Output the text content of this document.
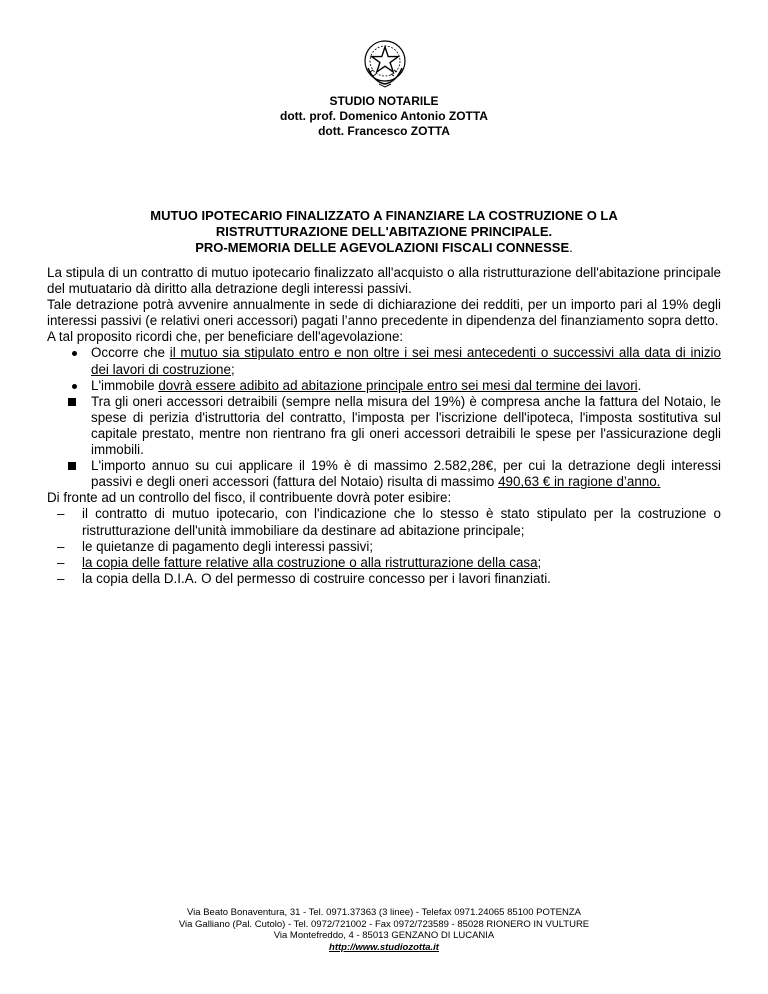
STUDIO NOTARILE
dott. prof. Domenico Antonio ZOTTA
dott. Francesco ZOTTA
MUTUO IPOTECARIO FINALIZZATO A FINANZIARE LA COSTRUZIONE O LA
RISTRUTTURAZIONE DELL'ABITAZIONE PRINCIPALE.
PRO-MEMORIA DELLE AGEVOLAZIONI FISCALI CONNESSE.

La stipula di un contratto di mutuo ipotecario finalizzato all'acquisto o alla ristrutturazione dell'abitazione principale del mutuatario dà diritto alla detrazione degli interessi passivi.

Tale detrazione potrà avvenire annualmente in sede di dichiarazione dei redditi, per un importo pari al 19% degli interessi passivi (e relativi oneri accessori) pagati l’anno precedente in dipendenza del finanziamento sopra detto.

A tal proposito ricordi che, per beneficiare dell'agevolazione:

Occorre che il mutuo sia stipulato entro e non oltre i sei mesi antecedenti o successivi alla data di inizio dei lavori di costruzione;
L'immobile dovrà essere adibito ad abitazione principale entro sei mesi dal termine dei lavori.
Tra gli oneri accessori detraibili (sempre nella misura del 19%) è compresa anche la fattura del Notaio, le spese di perizia d'istruttoria del contratto, l'imposta per l'iscrizione dell'ipoteca, l'imposta sostitutiva sul capitale prestato, mentre non rientrano fra gli oneri accessori detraibili le spese per l'assicurazione degli immobili.
L'importo annuo su cui applicare il 19% è di massimo 2.582,28€, per cui la detrazione degli interessi passivi e degli oneri accessori (fattura del Notaio) risulta di massimo 490,63 € in ragione d’anno.

Di fronte ad un controllo del fisco, il contribuente dovrà poter esibire:

– il contratto di mutuo ipotecario, con l'indicazione che lo stesso è stato stipulato per la costruzione o ristrutturazione dell'unità immobiliare da destinare ad abitazione principale;
– le quietanze di pagamento degli interessi passivi;
– la copia delle fatture relative alla costruzione o alla ristrutturazione della casa;
– la copia della D.I.A. O del permesso di costruire concesso per i lavori finanziati.
Via Beato Bonaventura, 31 - Tel. 0971.37363 (3 linee) - Telefax 0971.24065 85100 POTENZA
Via Galliano (Pal. Cutolo) - Tel. 0972/721002 - Fax 0972/723589 - 85028 RIONERO IN VULTURE
Via Montefreddo, 4 - 85013 GENZANO DI LUCANIA
http://www.studiozotta.it
